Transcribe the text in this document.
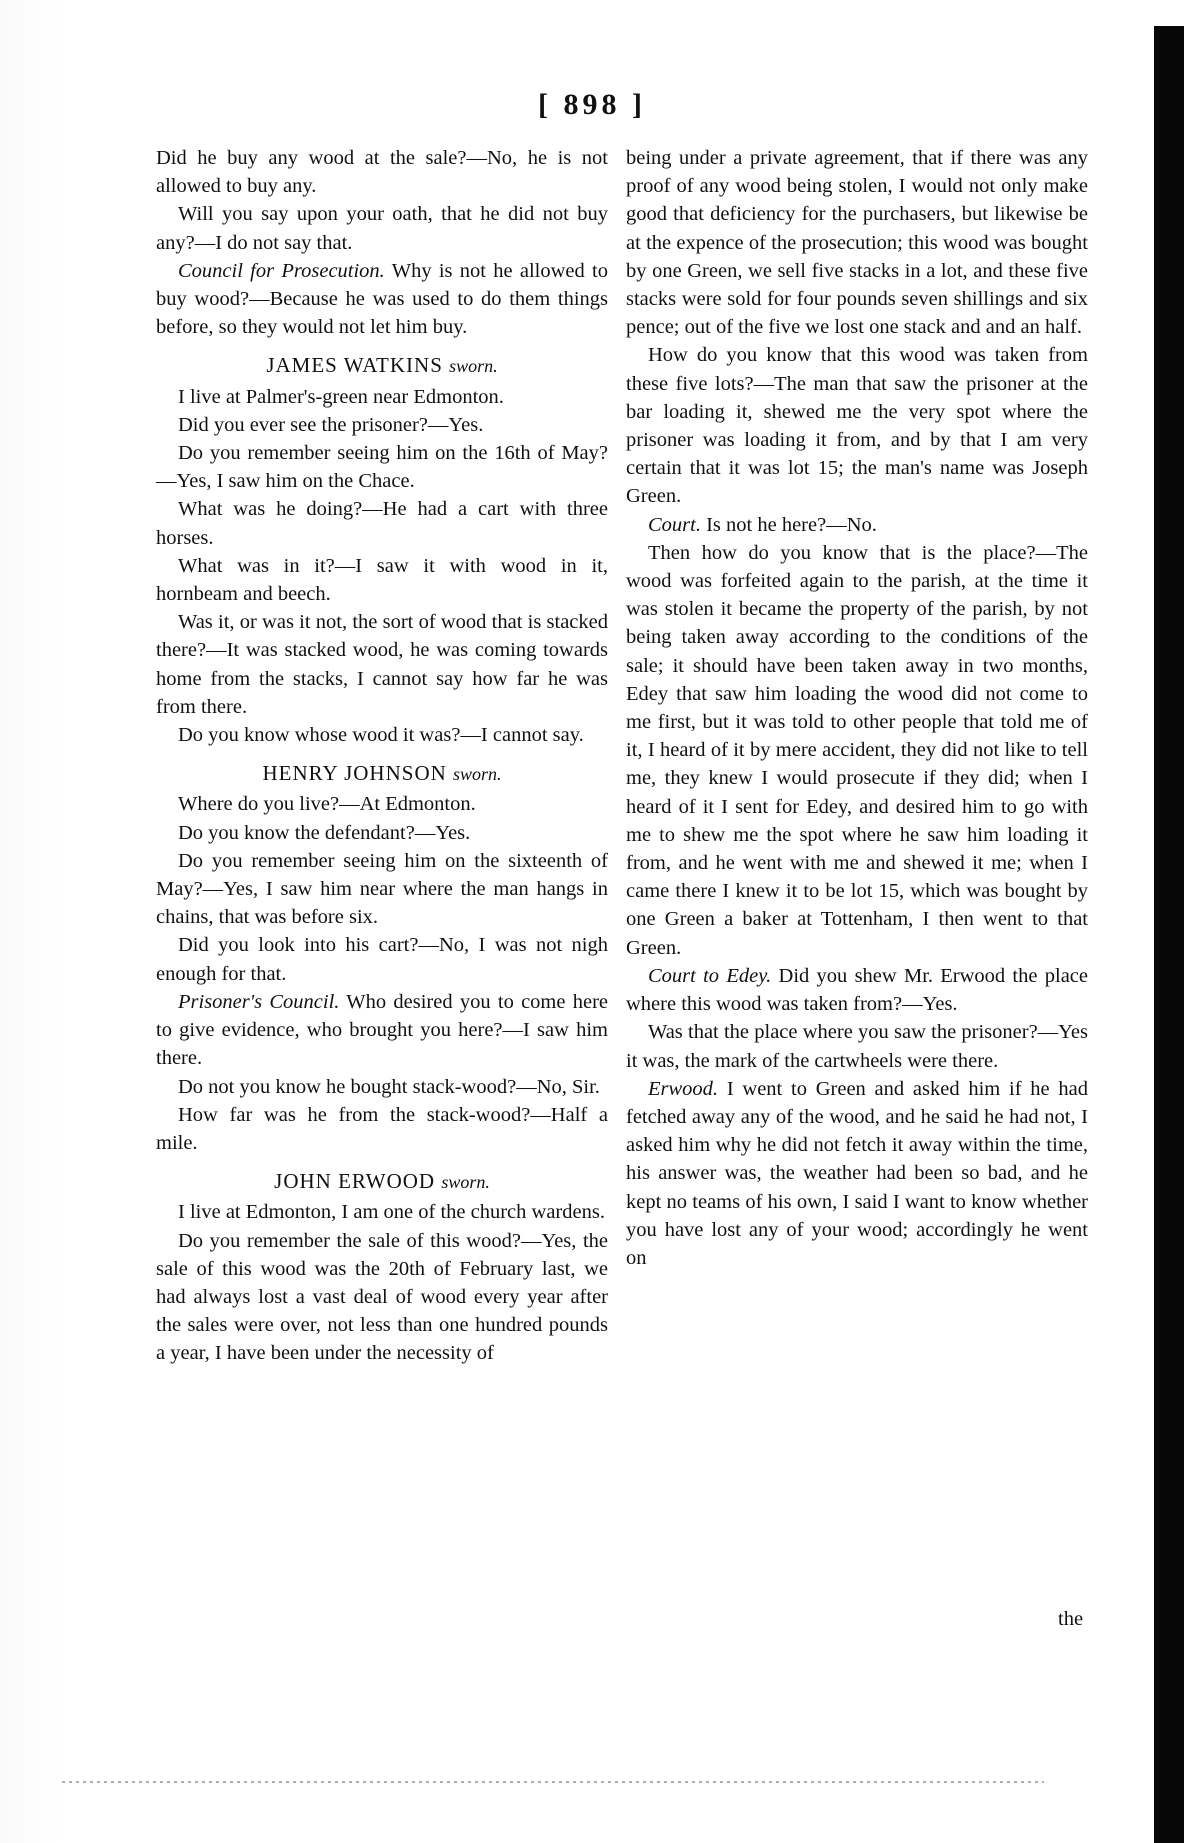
[ 898 ]

Did he buy any wood at the sale?—No, he is not allowed to buy any.

Will you say upon your oath, that he did not buy any?—I do not say that.

Council for Prosecution. Why is not he allowed to buy wood?—Because he was used to do them things before, so they would not let him buy.

JAMES WATKINS sworn.

I live at Palmer's-green near Edmonton.

Did you ever see the prisoner?—Yes.

Do you remember seeing him on the 16th of May?—Yes, I saw him on the Chace.

What was he doing?—He had a cart with three horses.

What was in it?—I saw it with wood in it, hornbeam and beech.

Was it, or was it not, the sort of wood that is stacked there?—It was stacked wood, he was coming towards home from the stacks, I cannot say how far he was from there.

Do you know whose wood it was?—I cannot say.

HENRY JOHNSON sworn.

Where do you live?—At Edmonton.

Do you know the defendant?—Yes.

Do you remember seeing him on the sixteenth of May?—Yes, I saw him near where the man hangs in chains, that was before six.

Did you look into his cart?—No, I was not nigh enough for that.

Prisoner's Council. Who desired you to come here to give evidence, who brought you here?—I saw him there.

Do not you know he bought stack-wood?—No, Sir.

How far was he from the stack-wood?—Half a mile.

JOHN ERWOOD sworn.

I live at Edmonton, I am one of the church wardens.

Do you remember the sale of this wood?—Yes, the sale of this wood was the 20th of February last, we had always lost a vast deal of wood every year after the sales were over, not less than one hundred pounds a year, I have been under the necessity of

being under a private agreement, that if there was any proof of any wood being stolen, I would not only make good that deficiency for the purchasers, but likewise be at the expence of the prosecution; this wood was bought by one Green, we sell five stacks in a lot, and these five stacks were sold for four pounds seven shillings and six pence; out of the five we lost one stack and and an half.

How do you know that this wood was taken from these five lots?—The man that saw the prisoner at the bar loading it, shewed me the very spot where the prisoner was loading it from, and by that I am very certain that it was lot 15; the man's name was Joseph Green.

Court. Is not he here?—No.

Then how do you know that is the place?—The wood was forfeited again to the parish, at the time it was stolen it became the property of the parish, by not being taken away according to the conditions of the sale; it should have been taken away in two months, Edey that saw him loading the wood did not come to me first, but it was told to other people that told me of it, I heard of it by mere accident, they did not like to tell me, they knew I would prosecute if they did; when I heard of it I sent for Edey, and desired him to go with me to shew me the spot where he saw him loading it from, and he went with me and shewed it me; when I came there I knew it to be lot 15, which was bought by one Green a baker at Tottenham, I then went to that Green.

Court to Edey. Did you shew Mr. Erwood the place where this wood was taken from?—Yes.

Was that the place where you saw the prisoner?—Yes it was, the mark of the cartwheels were there.

Erwood. I went to Green and asked him if he had fetched away any of the wood, and he said he had not, I asked him why he did not fetch it away within the time, his answer was, the weather had been so bad, and he kept no teams of his own, I said I want to know whether you have lost any of your wood; accordingly he went on

the
